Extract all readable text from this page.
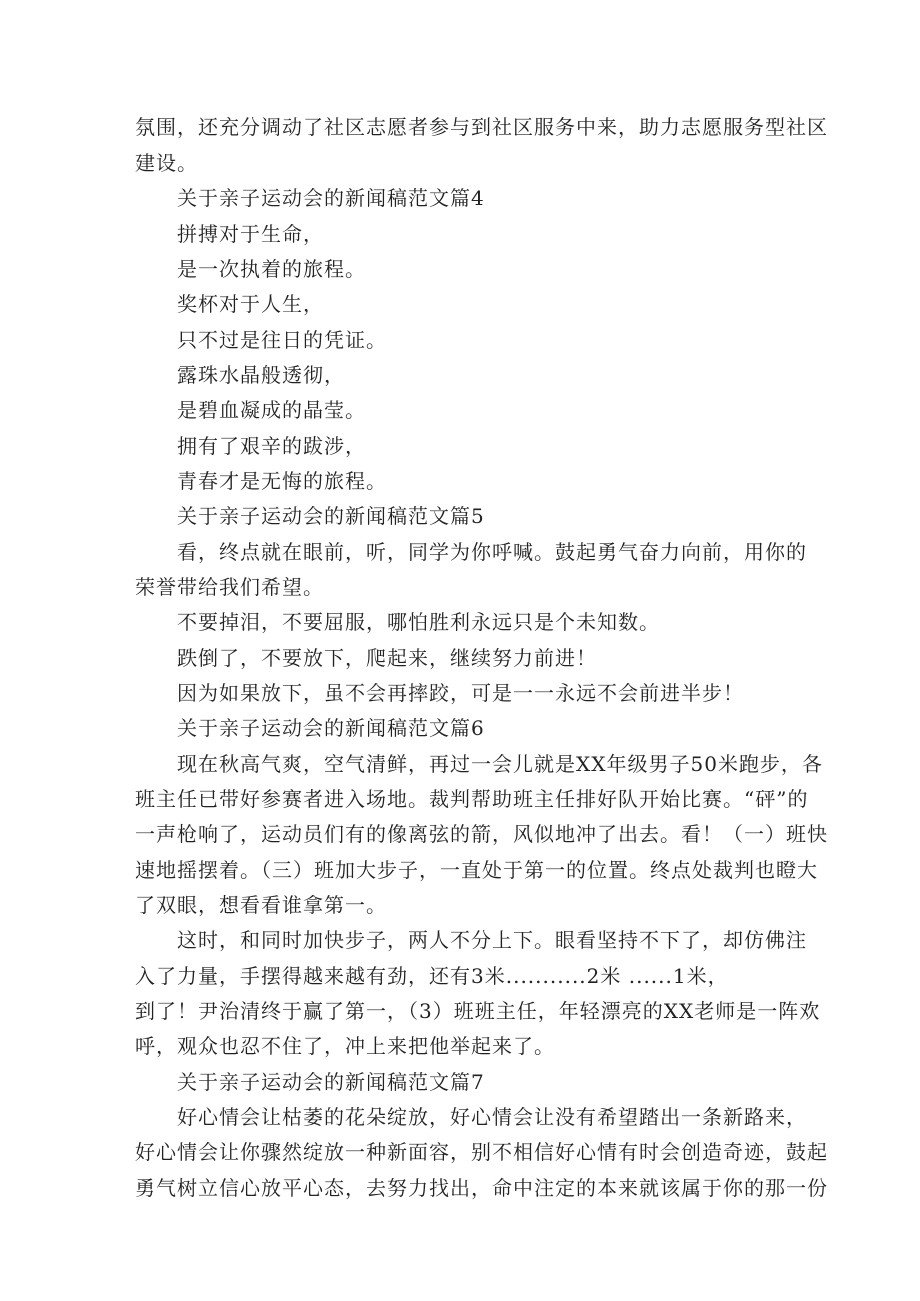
氛围，还充分调动了社区志愿者参与到社区服务中来，助力志愿服务型社区
建设。
关于亲子运动会的新闻稿范文篇4
拼搏对于生命，
是一次执着的旅程。
奖杯对于人生，
只不过是往日的凭证。
露珠水晶般透彻，
是碧血凝成的晶莹。
拥有了艰辛的跋涉，
青春才是无悔的旅程。
关于亲子运动会的新闻稿范文篇5
看，终点就在眼前，听，同学为你呼喊。鼓起勇气奋力向前，用你的
荣誉带给我们希望。
不要掉泪，不要屈服，哪怕胜利永远只是个未知数。
跌倒了，不要放下，爬起来，继续努力前进！
因为如果放下，虽不会再摔跤，可是一一永远不会前进半步！
关于亲子运动会的新闻稿范文篇6
现在秋高气爽，空气清鲜，再过一会儿就是XX年级男子50米跑步，各
班主任已带好参赛者进入场地。裁判帮助班主任排好队开始比赛。“砰”的
一声枪响了，运动员们有的像离弦的箭，风似地冲了出去。看！（一）班快
速地摇摆着。（三）班加大步子，一直处于第一的位置。终点处裁判也瞪大
了双眼，想看看谁拿第一。
这时，和同时加快步子，两人不分上下。眼看坚持不下了，却仿佛注
入了力量，手摆得越来越有劲，还有3米...........2米 ......1米，
到了！尹治清终于赢了第一，（3）班班主任，年轻漂亮的XX老师是一阵欢
呼，观众也忍不住了，冲上来把他举起来了。
关于亲子运动会的新闻稿范文篇7
好心情会让枯萎的花朵绽放，好心情会让没有希望踏出一条新路来，
好心情会让你骤然绽放一种新面容，别不相信好心情有时会创造奇迹，鼓起
勇气树立信心放平心态，去努力找出，命中注定的本来就该属于你的那一份
